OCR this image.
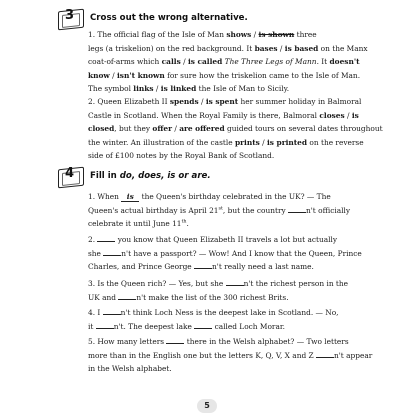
3 Cross out the wrong alternative.

1. The official flag of the Isle of Man shows / is shown three
legs (a triskelion) on the red background. It bases / is based on the Manx
coat-of-arms which calls / is called The Three Legs of Mann. It doesn't
know / isn't known for sure how the triskelion came to the Isle of Man.
The symbol links / is linked the Isle of Man to Sicily.

2. Queen Elizabeth II spends / is spent her summer holiday in Balmoral
Castle in Scotland. When the Royal Family is there, Balmoral closes / is
closed, but they offer / are offered guided tours on several dates throughout
the winter. An illustration of the castle prints / is printed on the reverse
side of £100 notes by the Royal Bank of Scotland.

4 Fill in do, does, is or are.

1. When is the Queen's birthday celebrated in the UK? — The
Queen's actual birthday is April 21st, but the country n't officially
celebrate it until June 11th.

2.  you know that Queen Elizabeth II travels a lot but actually
she n't have a passport? — Wow! And I know that the Queen, Prince
Charles, and Prince George n't really need a last name.

3. Is the Queen rich? — Yes, but she n't the richest person in the
UK and n't make the list of the 300 richest Brits.

4. I n't think Loch Ness is the deepest lake in Scotland. — No,
it n't. The deepest lake  called Loch Morar.

5. How many letters  there in the Welsh alphabet? — Two letters
more than in the English one but the letters K, Q, V, X and Z n't appear
in the Welsh alphabet.

5
